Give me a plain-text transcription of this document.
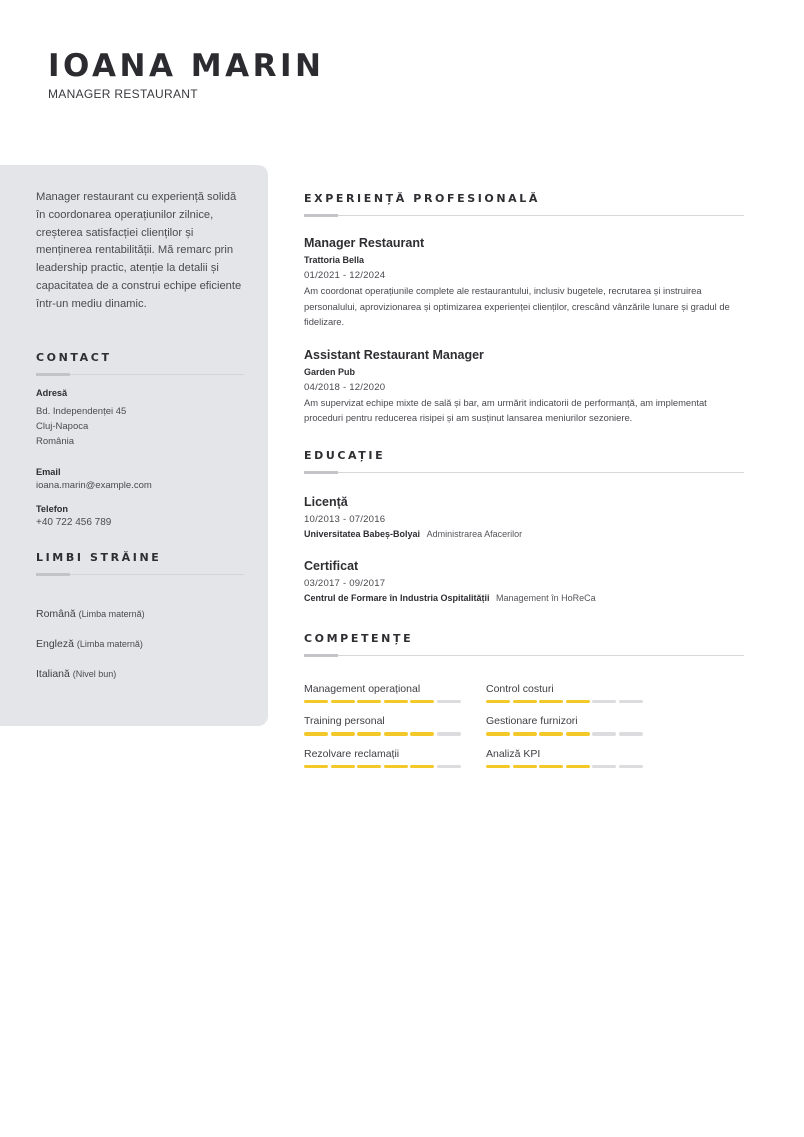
IOANA MARIN
MANAGER RESTAURANT

Manager restaurant cu experiență solidă în coordonarea operațiunilor zilnice, creșterea satisfacției clienților și menținerea rentabilității. Mă remarc prin leadership practic, atenție la detalii și capacitatea de a construi echipe eficiente într-un mediu dinamic.

CONTACT
Adresă
Bd. Independenței 45
Cluj-Napoca
România
Email
ioana.marin@example.com
Telefon
+40 722 456 789
LIMBI STRĂINE
Română (Limba maternă)
Engleză (Limba maternă)
Italiană (Nivel bun)
EXPERIENȚĂ PROFESIONALĂ
Manager Restaurant
Trattoria Bella
01/2021 - 12/2024
Am coordonat operațiunile complete ale restaurantului, inclusiv bugetele, recrutarea și instruirea personalului, aprovizionarea și optimizarea experienței clienților, crescând vânzările lunare și gradul de fidelizare.
Assistant Restaurant Manager
Garden Pub
04/2018 - 12/2020
Am supervizat echipe mixte de sală și bar, am urmărit indicatorii de performanță, am implementat proceduri pentru reducerea risipei și am susținut lansarea meniurilor sezoniere.
EDUCAȚIE
Licență
10/2013 - 07/2016
Universitatea Babeș-Bolyai Administrarea Afacerilor
Certificat
03/2017 - 09/2017
Centrul de Formare în Industria Ospitalității Management în HoReCa
COMPETENȚE
Management operațional	Control costuri
Training personal	Gestionare furnizori
Rezolvare reclamații	Analiză KPI
